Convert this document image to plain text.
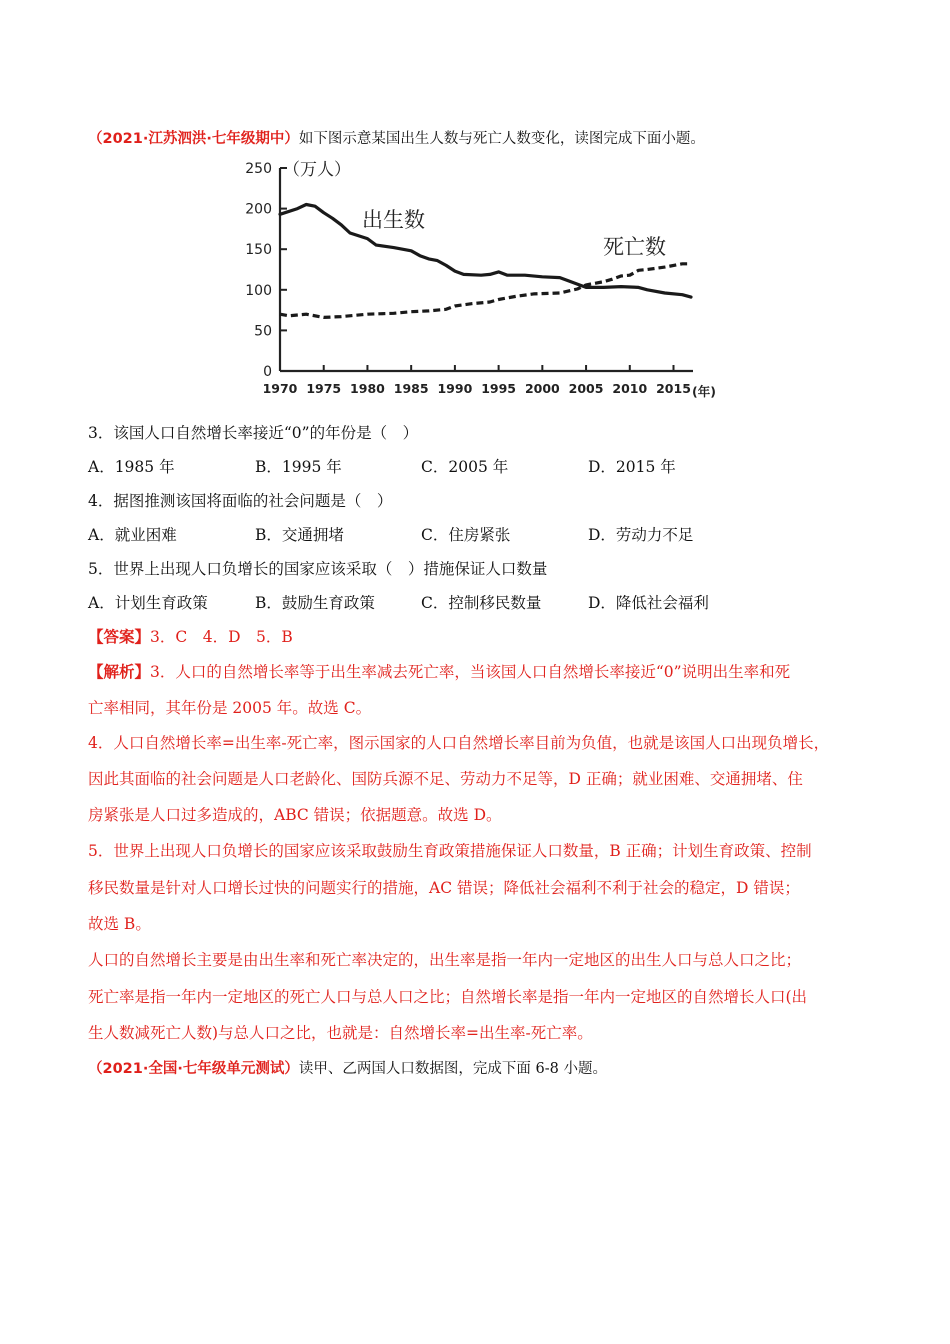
（2021·江苏泗洪·七年级期中）如下图示意某国出生人数与死亡人数变化，读图完成下面小题。
0
50
100
150
200
250
1970 1975 1980 1985 1990 1995 2000 2005 2010 2015
（万人）
(年)
出生数
死亡数
3．该国人口自然增长率接近“0”的年份是（　）
A．1985 年	B．1995 年	C．2005 年	D．2015 年
4．据图推测该国将面临的社会问题是（　）
A．就业困难	B．交通拥堵	C．住房紧张	D．劳动力不足
5．世界上出现人口负增长的国家应该采取（　）措施保证人口数量
A．计划生育政策	B．鼓励生育政策	C．控制移民数量	D．降低社会福利
【答案】3．C　4．D　5．B
【解析】3．人口的自然增长率等于出生率减去死亡率，当该国人口自然增长率接近“0”说明出生率和死
亡率相同，其年份是 2005 年。故选 C。
4．人口自然增长率=出生率-死亡率，图示国家的人口自然增长率目前为负值，也就是该国人口出现负增长，
因此其面临的社会问题是人口老龄化、国防兵源不足、劳动力不足等，D 正确；就业困难、交通拥堵、住
房紧张是人口过多造成的，ABC 错误；依据题意。故选 D。
5．世界上出现人口负增长的国家应该采取鼓励生育政策措施保证人口数量，B 正确；计划生育政策、控制
移民数量是针对人口增长过快的问题实行的措施，AC 错误；降低社会福利不利于社会的稳定，D 错误；
故选 B。
人口的自然增长主要是由出生率和死亡率决定的，出生率是指一年内一定地区的出生人口与总人口之比；
死亡率是指一年内一定地区的死亡人口与总人口之比；自然增长率是指一年内一定地区的自然增长人口(出
生人数减死亡人数)与总人口之比，也就是：自然增长率=出生率-死亡率。
（2021·全国·七年级单元测试）读甲、乙两国人口数据图，完成下面 6-8 小题。
